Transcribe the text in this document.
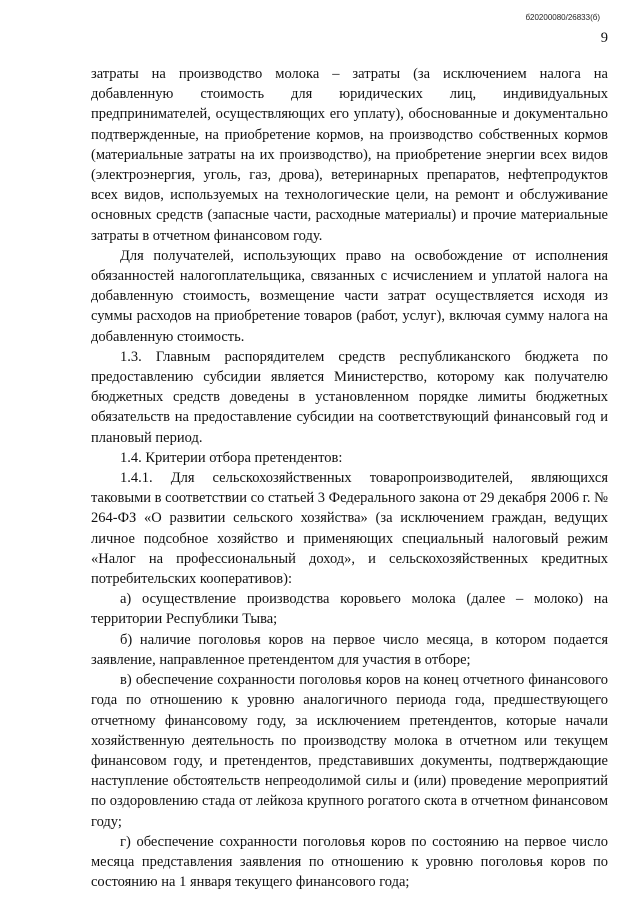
б20200080/26833(б)
9

затраты на производство молока – затраты (за исключением налога на добавленную стоимость для юридических лиц, индивидуальных предпринимателей, осуществляющих его уплату), обоснованные и документально подтвержденные, на приобретение кормов, на производство собственных кормов (материальные затраты на их производство), на приобретение энергии всех видов (электроэнергия, уголь, газ, дрова), ветеринарных препаратов, нефтепродуктов всех видов, используемых на технологические цели, на ремонт и обслуживание основных средств (запасные части, расходные материалы) и прочие материальные затраты в отчетном финансовом году.

Для получателей, использующих право на освобождение от исполнения обязанностей налогоплательщика, связанных с исчислением и уплатой налога на добавленную стоимость, возмещение части затрат осуществляется исходя из суммы расходов на приобретение товаров (работ, услуг), включая сумму налога на добавленную стоимость.

1.3. Главным распорядителем средств республиканского бюджета по предоставлению субсидии является Министерство, которому как получателю бюджетных средств доведены в установленном порядке лимиты бюджетных обязательств на предоставление субсидии на соответствующий финансовый год и плановый период.

1.4. Критерии отбора претендентов:

1.4.1. Для сельскохозяйственных товаропроизводителей, являющихся таковыми в соответствии со статьей 3 Федерального закона от 29 декабря 2006 г. № 264-ФЗ «О развитии сельского хозяйства» (за исключением граждан, ведущих личное подсобное хозяйство и применяющих специальный налоговый режим «Налог на профессиональный доход», и сельскохозяйственных кредитных потребительских кооперативов):

а) осуществление производства коровьего молока (далее – молоко) на территории Республики Тыва;

б) наличие поголовья коров на первое число месяца, в котором подается заявление, направленное претендентом для участия в отборе;

в) обеспечение сохранности поголовья коров на конец отчетного финансового года по отношению к уровню аналогичного периода года, предшествующего отчетному финансовому году, за исключением претендентов, которые начали хозяйственную деятельность по производству молока в отчетном или текущем финансовом году, и претендентов, представивших документы, подтверждающие наступление обстоятельств непреодолимой силы и (или) проведение мероприятий по оздоровлению стада от лейкоза крупного рогатого скота в отчетном финансовом году;

г) обеспечение сохранности поголовья коров по состоянию на первое число месяца представления заявления по отношению к уровню поголовья коров по состоянию на 1 января текущего финансового года;
